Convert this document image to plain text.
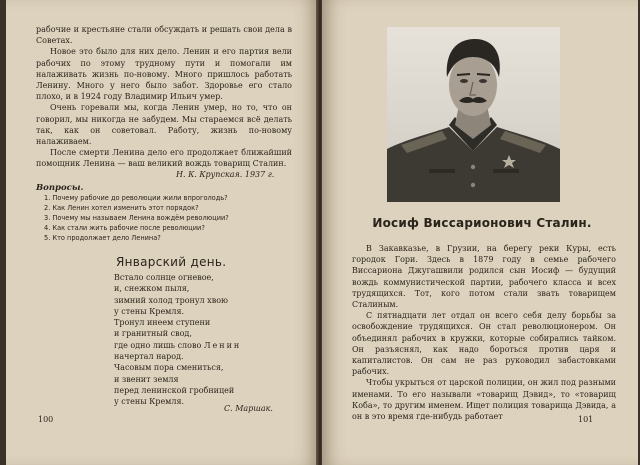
рабочие и крестьяне стали обсуждать и решать свои дела в Советах.

Новое это было для них дело. Ленин и его партия вели рабочих по этому трудному пути и помогали им налаживать жизнь по-новому. Много пришлось работать Ленину. Много у него было забот. Здоровье его стало плохо, и в 1924 году Владимир Ильич умер.

Очень горевали мы, когда Ленин умер, но то, что он говорил, мы никогда не забудем. Мы стараемся всё делать так, как он советовал. Работу, жизнь по-новому налаживаем.

После смерти Ленина дело его продолжает ближайший помощник Ленина — ваш великий вождь товарищ Сталин.

Н. К. Крупская. 1937 г.
Вопросы.
1. Почему рабочие до революции жили впроголодь?
2. Как Ленин хотел изменить этот порядок?
3. Почему мы называем Ленина вождём революции?
4. Как стали жить рабочие после революции?
5. Кто продолжает дело Ленина?
Январский день.
Встало солнце огневое,
и, снежком пыля,
зимний холод тронул хвою
у стены Кремля.
Тронул инеем ступени
и гранитный свод,
где одно лишь слово Ленин
начертал народ.
Часовым пора смениться,
и звенит земля
перед ленинской гробницей
у стены Кремля.
С. Маршак.
100
Иосиф Виссарионович Сталин.

В Закавказье, в Грузии, на берегу реки Куры, есть городок Гори. Здесь в 1879 году в семье рабочего Виссариона Джугашвили родился сын Иосиф — будущий вождь коммунистической партии, рабочего класса и всех трудящихся. Тот, кого потом стали звать товарищем Сталиным.

С пятнадцати лет отдал он всего себя делу борьбы за освобождение трудящихся. Он стал революционером. Он объединял рабочих в кружки, которые собирались тайком. Он разъяснял, как надо бороться против царя и капиталистов. Он сам не раз руководил забастовками рабочих.

Чтобы укрыться от царской полиции, он жил под разными именами. То его называли «товарищ Дэвид», то «товарищ Коба», то другим именем. Ищет полиция товарища Дэвида, а он в это время где-нибудь работает	101
